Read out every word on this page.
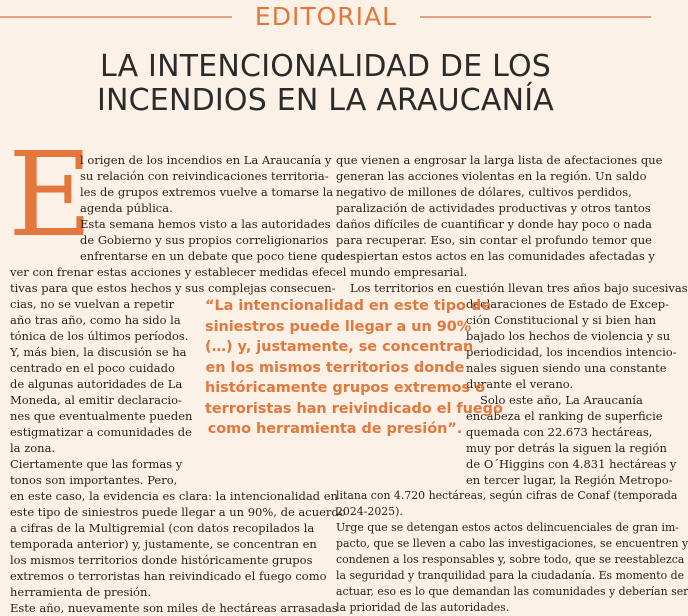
EDITORIAL
LA INTENCIONALIDAD DE LOS
INCENDIOS EN LA ARAUCANÍA
E

l origen de los incendios en La Araucanía y

su relación con reivindicaciones territoria-

les de grupos extremos vuelve a tomarse la

agenda pública.

Esta semana hemos visto a las autoridades

de Gobierno y sus propios correligionarios

enfrentarse en un debate que poco tiene que

ver con frenar estas acciones y establecer medidas efec-

tivas para que estos hechos y sus complejas consecuen-

cias, no se vuelvan a repetir

año tras año, como ha sido la

tónica de los últimos períodos.

Y, más bien, la discusión se ha

centrado en el poco cuidado

de algunas autoridades de La

Moneda, al emitir declaracio-

nes que eventualmente pueden

estigmatizar a comunidades de

la zona.

Ciertamente que las formas y

tonos son importantes. Pero,

en este caso, la evidencia es clara: la intencionalidad en

este tipo de siniestros puede llegar a un 90%, de acuerdo

a cifras de la Multigremial (con datos recopilados la

temporada anterior) y, justamente, se concentran en

los mismos territorios donde históricamente grupos

extremos o terroristas han reivindicado el fuego como

herramienta de presión.

Este año, nuevamente son miles de hectáreas arrasadas

que vienen a engrosar la larga lista de afectaciones que

generan las acciones violentas en la región. Un saldo

negativo de millones de dólares, cultivos perdidos,

paralización de actividades productivas y otros tantos

daños difíciles de cuantificar y donde hay poco o nada

para recuperar. Eso, sin contar el profundo temor que

despiertan estos actos en las comunidades afectadas y

el mundo empresarial.

Los territorios en cuestión llevan tres años bajo sucesivas

declaraciones de Estado de Excep-

ción Constitucional y si bien han

bajado los hechos de violencia y su

periodicidad, los incendios intencio-

nales siguen siendo una constante

durante el verano.

Solo este año, La Araucanía

encabeza el ranking de superficie

quemada con 22.673 hectáreas,

muy por detrás la siguen la región

de O´Higgins con 4.831 hectáreas y

en tercer lugar, la Región Metropo-

litana con 4.720 hectáreas, según cifras de Conaf (temporada

2024-2025).

Urge que se detengan estos actos delincuenciales de gran im-

pacto, que se lleven a cabo las investigaciones, se encuentren y

condenen a los responsables y, sobre todo, que se reestablezca

la seguridad y tranquilidad para la ciudadanía. Es momento de

actuar, eso es lo que demandan las comunidades y deberían ser

la prioridad de las autoridades.

“La intencionalidad en este tipo de
siniestros puede llegar a un 90%
(…) y, justamente, se concentran
en los mismos territorios donde
históricamente grupos extremos o
terroristas han reivindicado el fuego
como herramienta de presión”.
